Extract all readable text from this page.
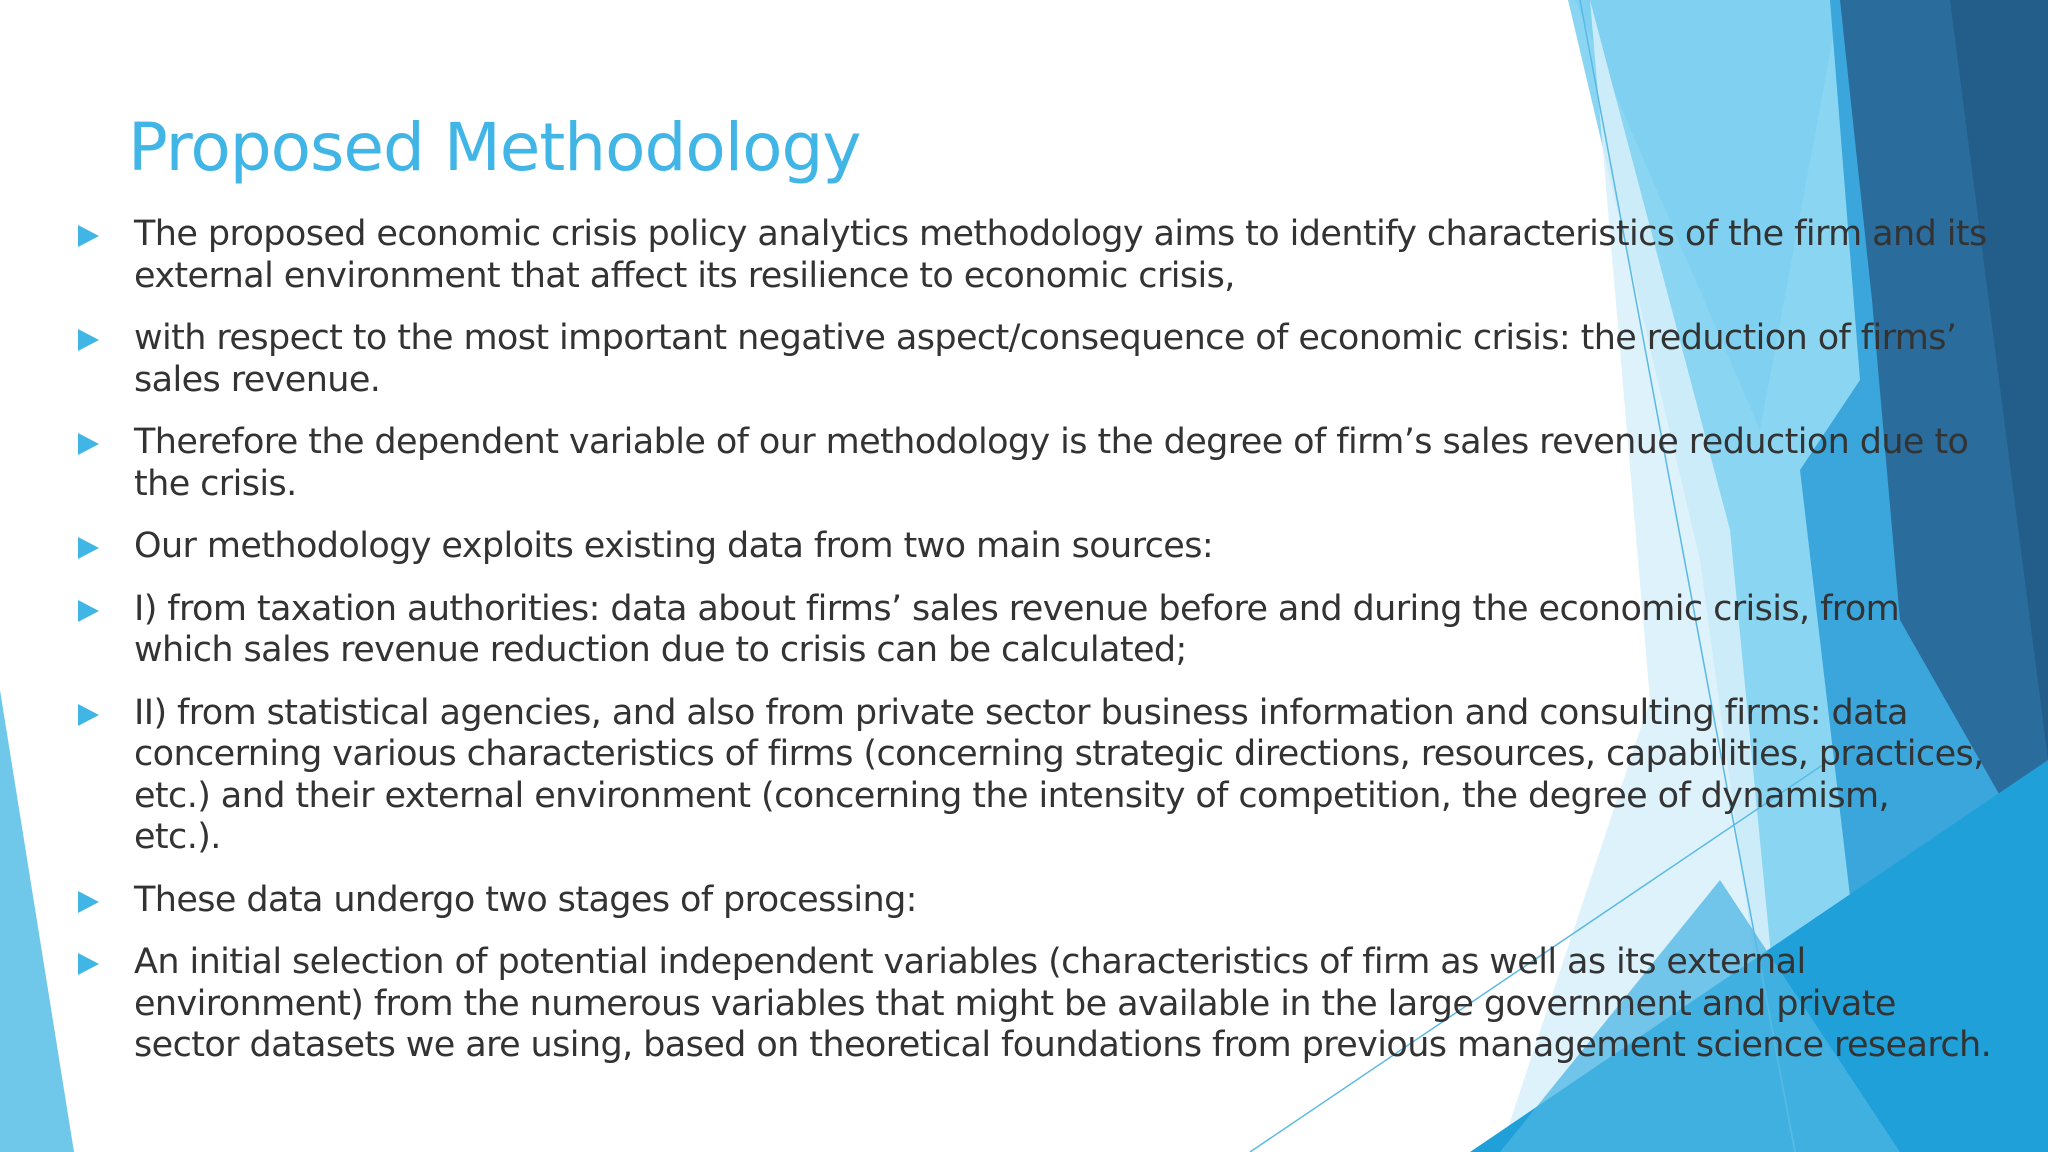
Proposed Methodology
The proposed economic crisis policy analytics methodology aims to identify characteristics of the firm and its
external environment that affect its resilience to economic crisis,
with respect to the most important negative aspect/consequence of economic crisis: the reduction of firms’
sales revenue.
Therefore the dependent variable of our methodology is the degree of firm’s sales revenue reduction due to
the crisis.
Our methodology exploits existing data from two main sources:
I) from taxation authorities: data about firms’ sales revenue before and during the economic crisis, from
which sales revenue reduction due to crisis can be calculated;
II) from statistical agencies, and also from private sector business information and consulting firms: data
concerning various characteristics of firms (concerning strategic directions, resources, capabilities, practices,
etc.) and their external environment (concerning the intensity of competition, the degree of dynamism,
etc.).
These data undergo two stages of processing:
An initial selection of potential independent variables (characteristics of firm as well as its external
environment) from the numerous variables that might be available in the large government and private
sector datasets we are using, based on theoretical foundations from previous management science research.
